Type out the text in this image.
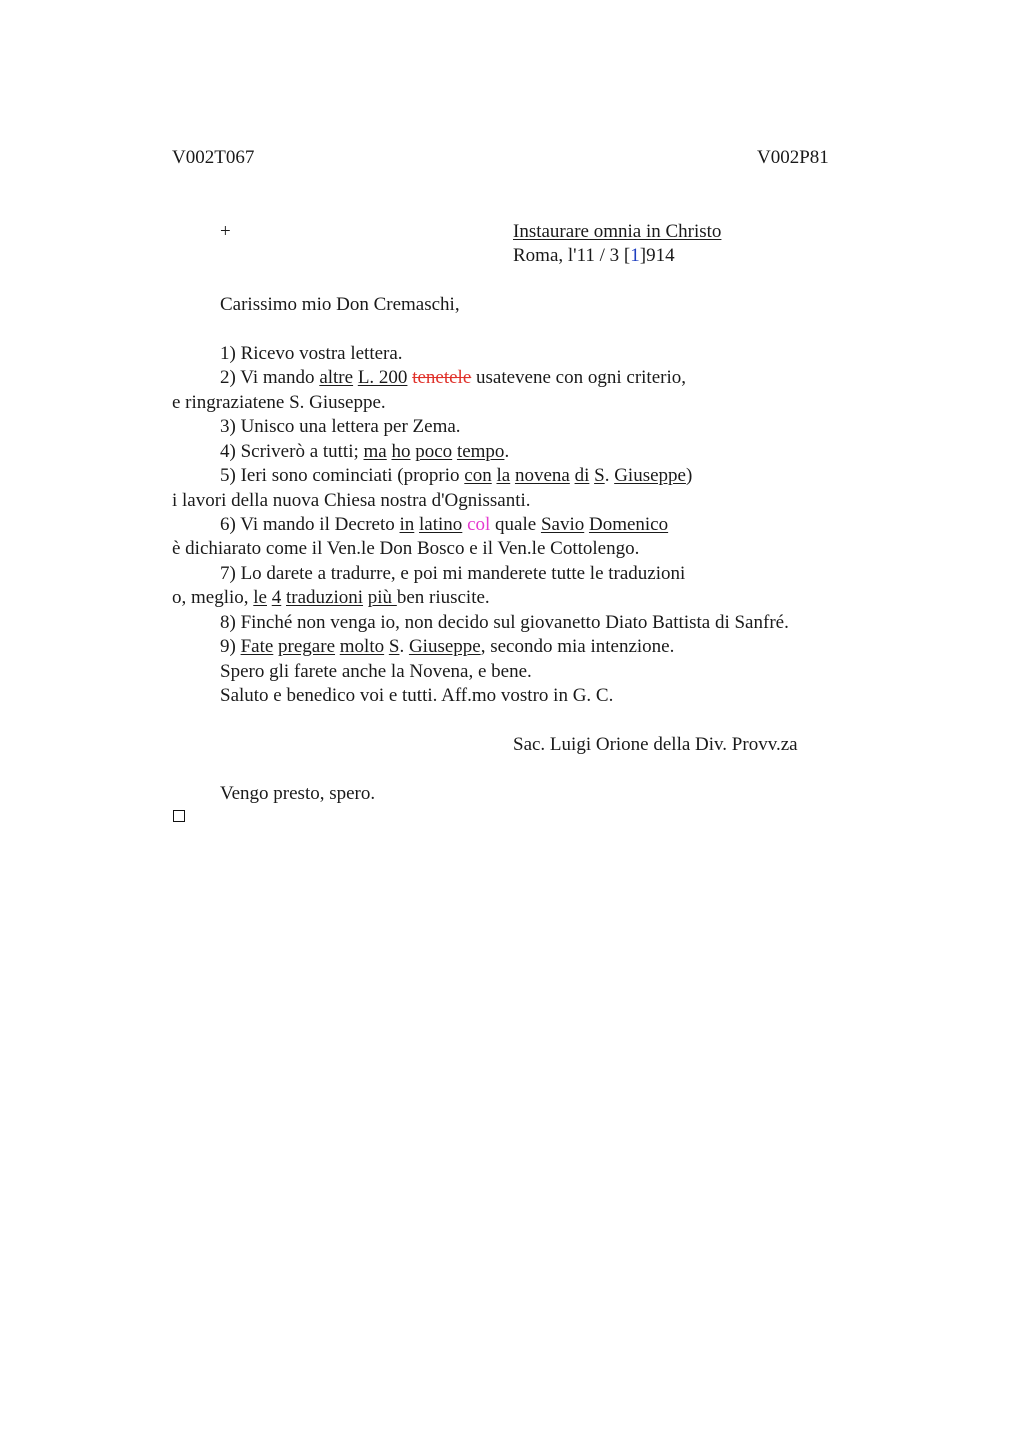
V002T067	V002P81
+	Instaurare omnia in Christo
Roma, l'11 / 3 [1]914
Carissimo mio Don Cremaschi,
1) Ricevo vostra lettera.
2) Vi mando altre L. 200 tenetele usatevene con ogni criterio,
e ringraziatene S. Giuseppe.
3) Unisco una lettera per Zema.
4) Scriverò a tutti; ma ho poco tempo.
5) Ieri sono cominciati (proprio con la novena di S. Giuseppe)
i lavori della nuova Chiesa nostra d'Ognissanti.
6) Vi mando il Decreto in latino col quale Savio Domenico
è dichiarato come il Ven.le Don Bosco e il Ven.le Cottolengo.
7) Lo darete a tradurre, e poi mi manderete tutte le traduzioni
o, meglio, le 4 traduzioni più ben riuscite.
8) Finché non venga io, non decido sul giovanetto Diato Battista di Sanfré.
9) Fate pregare molto S. Giuseppe, secondo mia intenzione.
Spero gli farete anche la Novena, e bene.
Saluto e benedico voi e tutti. Aff.mo vostro in G. C.
Sac. Luigi Orione della Div. Provv.za
Vengo presto, spero.
